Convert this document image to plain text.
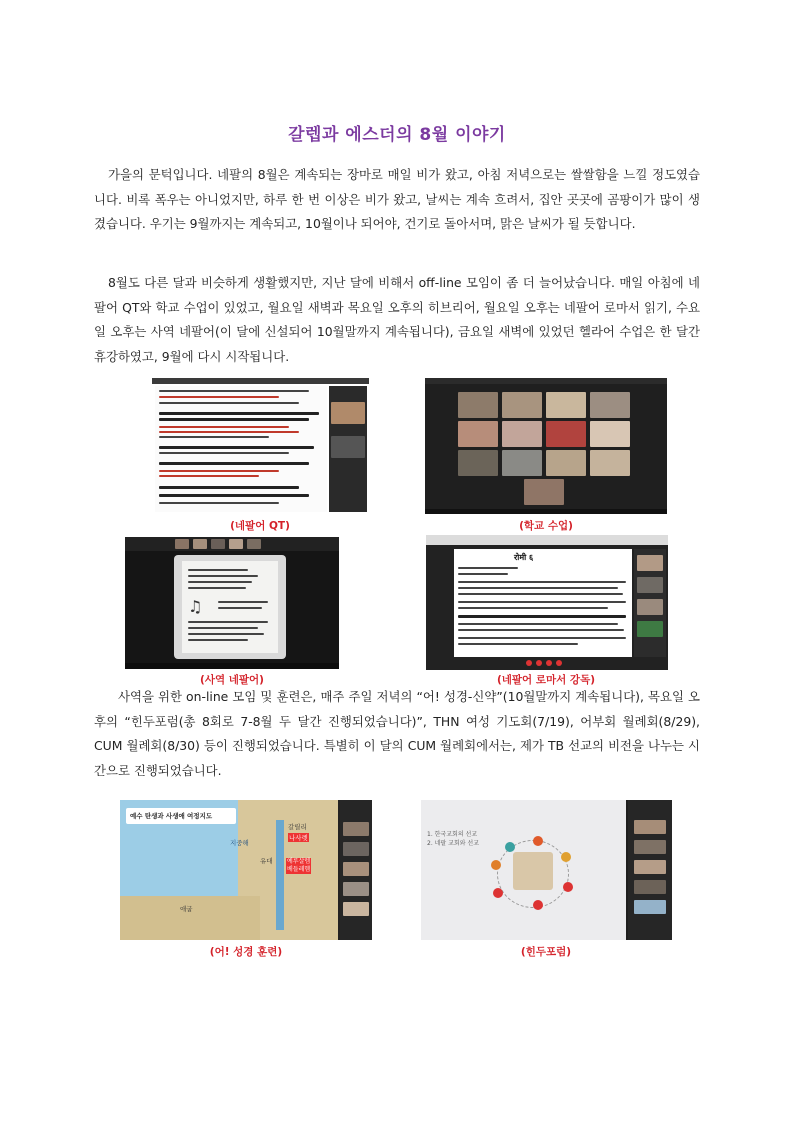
갈렙과 에스더의 8월 이야기

가을의 문턱입니다. 네팔의 8월은 계속되는 장마로 매일 비가 왔고, 아침 저녁으로는 쌀쌀함을 느낄 정도였습니다. 비록 폭우는 아니었지만, 하루 한 번 이상은 비가 왔고, 날씨는 계속 흐려서, 집안 곳곳에 곰팡이가 많이 생겼습니다. 우기는 9월까지는 계속되고, 10월이나 되어야, 건기로 돌아서며, 맑은 날씨가 될 듯합니다.

8월도 다른 달과 비슷하게 생활했지만, 지난 달에 비해서 off-line 모임이 좀 더 늘어났습니다. 매일 아침에 네팔어 QT와 학교 수업이 있었고, 월요일 새벽과 목요일 오후의 히브리어, 월요일 오후는 네팔어 로마서 읽기, 수요일 오후는 사역 네팔어(이 달에 신설되어 10월말까지 계속됩니다), 금요일 새벽에 있었던 헬라어 수업은 한 달간 휴강하였고, 9월에 다시 시작됩니다.

(네팔어 QT)	(학교 수업)
♫
(사역 네팔어)
रोमी ६
(네팔어 로마서 강독)

사역을 위한 on-line 모임 및 훈련은, 매주 주일 저녁의 “어! 성경-신약”(10월말까지 계속됩니다), 목요일 오후의 “힌두포럼(총 8회로 7-8월 두 달간 진행되었습니다)”, THN 여성 기도회(7/19), 어부회 월례회(8/29), CUM 월례회(8/30) 등이 진행되었습니다. 특별히 이 달의 CUM 월례회에서는, 제가 TB 선교의 비전을 나누는 시간으로 진행되었습니다.

예수 탄생과 사생애 여정지도
지중해
갈릴리
나사렛
유대 예루살렘
베들레헴
애굽
(어! 성경 훈련)
1. 한국교회의 선교
2. 네팔 교회와 선교
(힌두포럼)
